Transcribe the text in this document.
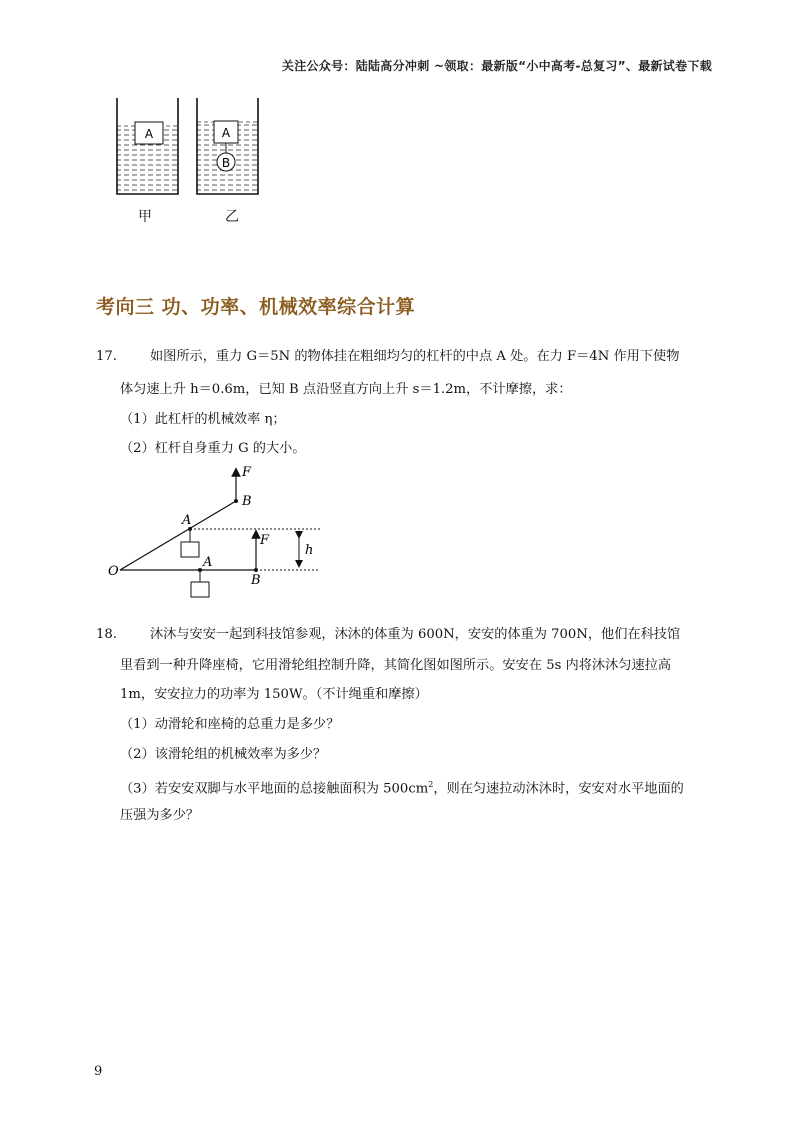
关注公众号：陆陆高分冲刺 ~领取：最新版“小中高考-总复习”、最新试卷下载
A	A
B
甲	乙
考向三 功、功率、机械效率综合计算
17.	如图所示，重力 G＝5N 的物体挂在粗细均匀的杠杆的中点 A 处。在力 F＝4N 作用下使物
体匀速上升 h＝0.6m，已知 B 点沿竖直方向上升 s＝1.2m，不计摩擦，求：
（1）此杠杆的机械效率 η；
（2）杠杆自身重力 G 的大小。
F
B
A
F
h
O
A
B
18.	沐沐与安安一起到科技馆参观，沐沐的体重为 600N，安安的体重为 700N，他们在科技馆
里看到一种升降座椅，它用滑轮组控制升降，其简化图如图所示。安安在 5s 内将沐沐匀速拉高
1m，安安拉力的功率为 150W。（不计绳重和摩擦）
（1）动滑轮和座椅的总重力是多少？
（2）该滑轮组的机械效率为多少？
（3）若安安双脚与水平地面的总接触面积为 $500cm^2$，则在匀速拉动沐沐时，安安对水平地面的
压强为多少？
9
